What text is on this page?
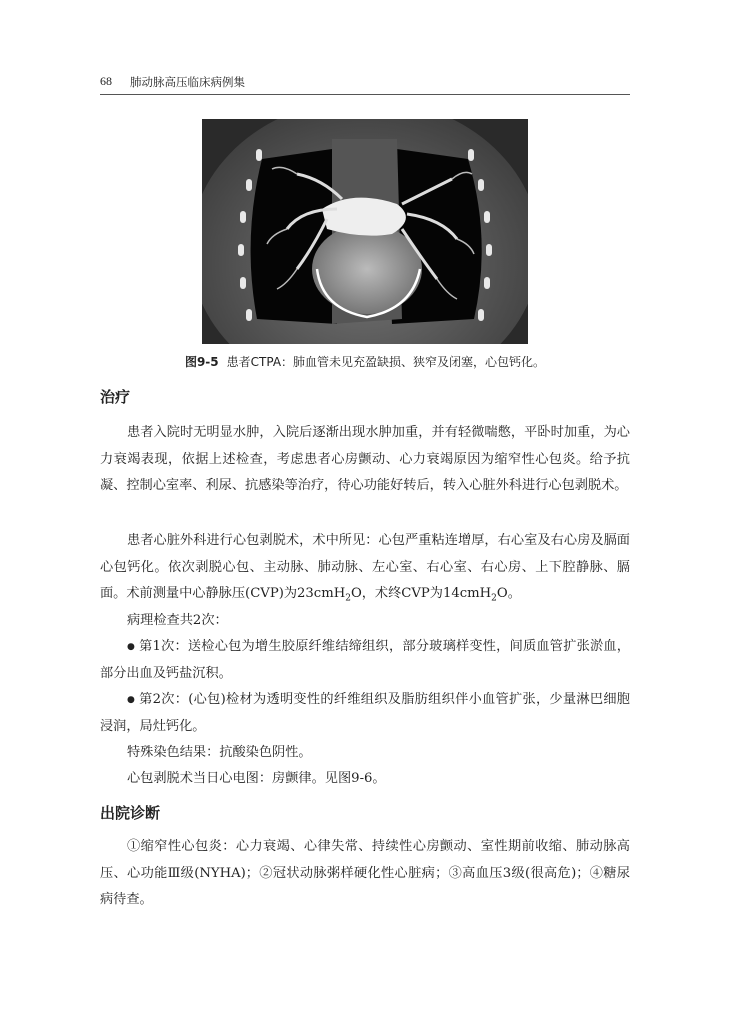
68 肺动脉高压临床病例集
图9-5 患者CTPA：肺血管未见充盈缺损、狭窄及闭塞，心包钙化。
治疗
患者入院时无明显水肿，入院后逐渐出现水肿加重，并有轻微喘憋，平卧时加重，为心力衰竭表现，依据上述检查，考虑患者心房颤动、心力衰竭原因为缩窄性心包炎。给予抗凝、控制心室率、利尿、抗感染等治疗，待心功能好转后，转入心脏外科进行心包剥脱术。
患者心脏外科进行心包剥脱术，术中所见：心包严重粘连增厚，右心室及右心房及膈面心包钙化。依次剥脱心包、主动脉、肺动脉、左心室、右心室、右心房、上下腔静脉、膈面。术前测量中心静脉压(CVP)为23cmH$_2$O，术终CVP为14cmH$_2$O。
病理检查共2次：
● 第1次：送检心包为增生胶原纤维结缔组织，部分玻璃样变性，间质血管扩张淤血，部分出血及钙盐沉积。
● 第2次：(心包)检材为透明变性的纤维组织及脂肪组织伴小血管扩张，少量淋巴细胞浸润，局灶钙化。
特殊染色结果：抗酸染色阴性。
心包剥脱术当日心电图：房颤律。见图9-6。
出院诊断
①缩窄性心包炎：心力衰竭、心律失常、持续性心房颤动、室性期前收缩、肺动脉高压、心功能Ⅲ级(NYHA)；②冠状动脉粥样硬化性心脏病；③高血压3级(很高危)；④糖尿病待查。
